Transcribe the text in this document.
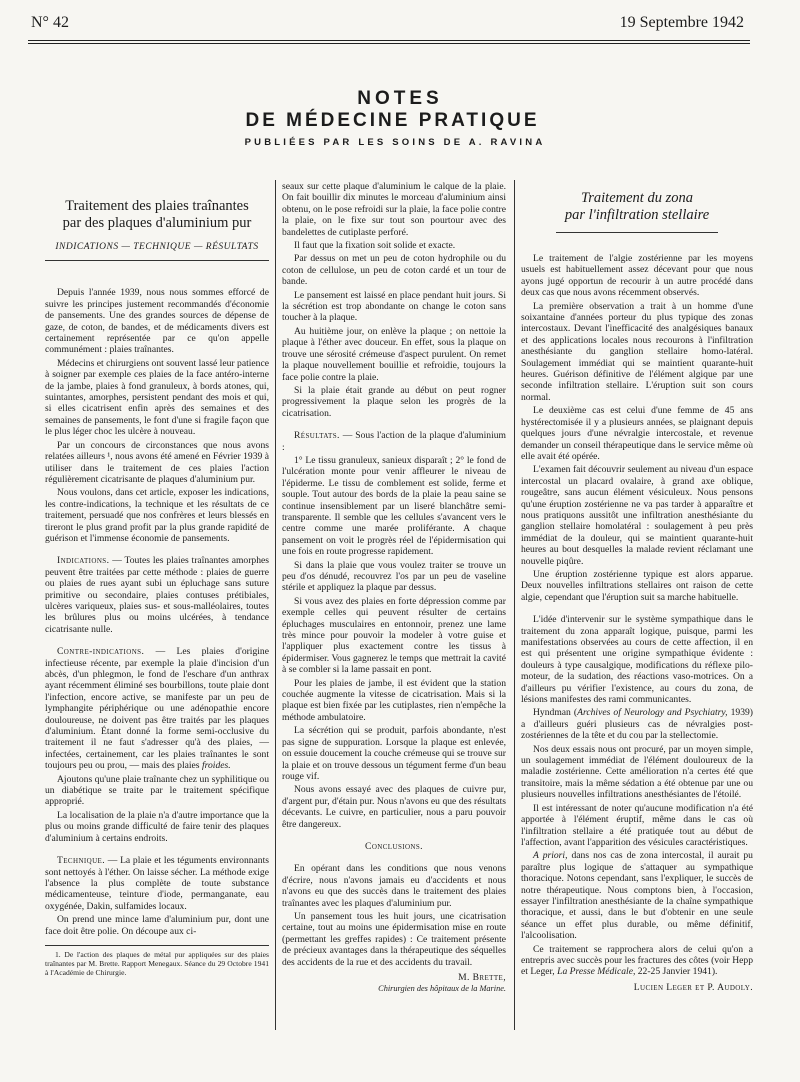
N° 42	19 Septembre 1942
NOTES
DE MÉDECINE PRATIQUE
PUBLIÉES PAR LES SOINS DE A. RAVINA
Traitement des plaies traînantes
par des plaques d'aluminium pur
INDICATIONS — TECHNIQUE — RÉSULTATS

Depuis l'année 1939, nous nous sommes efforcé de suivre les principes justement recommandés d'économie de pansements. Une des grandes sources de dépense de gaze, de coton, de bandes, et de médicaments divers est certainement représentée par ce qu'on appelle communément : plaies traînantes.

Médecins et chirurgiens ont souvent lassé leur patience à soigner par exemple ces plaies de la face antéro-interne de la jambe, plaies à fond granuleux, à bords atones, qui, suintantes, amorphes, persistent pendant des mois et qui, si elles cicatrisent enfin après des semaines et des semaines de pansements, le font d'une si fragile façon que le plus léger choc les ulcère à nouveau.

Par un concours de circonstances que nous avons relatées ailleurs ¹, nous avons été amené en Février 1939 à utiliser dans le traitement de ces plaies l'action régulièrement cicatrisante de plaques d'aluminium pur.

Nous voulons, dans cet article, exposer les indications, les contre-indications, la technique et les résultats de ce traitement, persuadé que nos confrères et leurs blessés en tireront le plus grand profit par la plus grande rapidité de guérison et l'immense économie de pansements.

Indications. — Toutes les plaies traînantes amorphes peuvent être traitées par cette méthode : plaies de guerre ou plaies de rues ayant subi un épluchage sans suture primitive ou secondaire, plaies contuses prétibiales, ulcères variqueux, plaies sus- et sous-malléolaires, toutes les brûlures plus ou moins ulcérées, à tendance cicatrisante nulle.

Contre-indications. — Les plaies d'origine infectieuse récente, par exemple la plaie d'incision d'un abcès, d'un phlegmon, le fond de l'eschare d'un anthrax ayant récemment éliminé ses bourbillons, toute plaie dont l'infection, encore active, se manifeste par un peu de lymphangite périphérique ou une adénopathie encore douloureuse, ne doivent pas être traités par les plaques d'aluminium. Étant donné la forme semi-occlusive du traitement il ne faut s'adresser qu'à des plaies, — infectées, certainement, car les plaies traînantes le sont toujours peu ou prou, — mais des plaies froides.

Ajoutons qu'une plaie traînante chez un syphilitique ou un diabétique se traite par le traitement spécifique approprié.

La localisation de la plaie n'a d'autre importance que la plus ou moins grande difficulté de faire tenir des plaques d'aluminium à certains endroits.

Technique. — La plaie et les téguments environnants sont nettoyés à l'éther. On laisse sécher. La méthode exige l'absence la plus complète de toute substance médicamenteuse, teinture d'iode, permanganate, eau oxygénée, Dakin, sulfamides locaux.

On prend une mince lame d'aluminium pur, dont une face doit être polie. On découpe aux ci-

1. De l'action des plaques de métal pur appliquées sur des plaies traînantes par M. Brette. Rapport Menegaux. Séance du 29 Octobre 1941 à l'Académie de Chirurgie.

seaux sur cette plaque d'aluminium le calque de la plaie. On fait bouillir dix minutes le morceau d'aluminium ainsi obtenu, on le pose refroidi sur la plaie, la face polie contre la plaie, on le fixe sur tout son pourtour avec des bandelettes de cutiplaste perforé.

Il faut que la fixation soit solide et exacte.

Par dessus on met un peu de coton hydrophile ou du coton de cellulose, un peu de coton cardé et un tour de bande.

Le pansement est laissé en place pendant huit jours. Si la sécrétion est trop abondante on change le coton sans toucher à la plaque.

Au huitième jour, on enlève la plaque ; on nettoie la plaque à l'éther avec douceur. En effet, sous la plaque on trouve une sérosité crémeuse d'aspect purulent. On remet la plaque nouvellement bouillie et refroidie, toujours la face polie contre la plaie.

Si la plaie était grande au début on peut rogner progressivement la plaque selon les progrès de la cicatrisation.

Résultats. — Sous l'action de la plaque d'aluminium :

1° Le tissu granuleux, sanieux disparaît ; 2° le fond de l'ulcération monte pour venir affleurer le niveau de l'épiderme. Le tissu de comblement est solide, ferme et souple. Tout autour des bords de la plaie la peau saine se continue insensiblement par un liseré blanchâtre semi-transparente. Il semble que les cellules s'avancent vers le centre comme une marée proliférante. A chaque pansement on voit le progrès réel de l'épidermisation qui une fois en route progresse rapidement.

Si dans la plaie que vous voulez traiter se trouve un peu d'os dénudé, recouvrez l'os par un peu de vaseline stérile et appliquez la plaque par dessus.

Si vous avez des plaies en forte dépression comme par exemple celles qui peuvent résulter de certains épluchages musculaires en entonnoir, prenez une lame très mince pour pouvoir la modeler à votre guise et l'appliquer plus exactement contre les tissus à épidermiser. Vous gagnerez le temps que mettrait la cavité à se combler si la lame passait en pont.

Pour les plaies de jambe, il est évident que la station couchée augmente la vitesse de cicatrisation. Mais si la plaque est bien fixée par les cutiplastes, rien n'empêche la méthode ambulatoire.

La sécrétion qui se produit, parfois abondante, n'est pas signe de suppuration. Lorsque la plaque est enlevée, on essuie doucement la couche crémeuse qui se trouve sur la plaie et on trouve dessous un tégument ferme d'un beau rouge vif.

Nous avons essayé avec des plaques de cuivre pur, d'argent pur, d'étain pur. Nous n'avons eu que des résultats décevants. Le cuivre, en particulier, nous a paru pouvoir être dangereux.

Conclusions.

En opérant dans les conditions que nous venons d'écrire, nous n'avons jamais eu d'accidents et nous n'avons eu que des succès dans le traitement des plaies traînantes avec les plaques d'aluminium pur.

Un pansement tous les huit jours, une cicatrisation certaine, tout au moins une épidermisation mise en route (permettant les greffes rapides) : Ce traitement présente de précieux avantages dans la thérapeutique des séquelles des accidents de la rue et des accidents du travail.

M. Brette,
Chirurgien des hôpitaux de la Marine.
Traitement du zona
par l'infiltration stellaire

Le traitement de l'algie zostérienne par les moyens usuels est habituellement assez décevant pour que nous ayons jugé opportun de recourir à un autre procédé dans deux cas que nous avons récemment observés.

La première observation a trait à un homme d'une soixantaine d'années porteur du plus typique des zonas intercostaux. Devant l'inefficacité des analgésiques banaux et des applications locales nous recourons à l'infiltration anesthésiante du ganglion stellaire homo-latéral. Soulagement immédiat qui se maintient quarante-huit heures. Guérison définitive de l'élément algique par une seconde infiltration stellaire. L'éruption suit son cours normal.

Le deuxième cas est celui d'une femme de 45 ans hystérectomisée il y a plusieurs années, se plaignant depuis quelques jours d'une névralgie intercostale, et revenue demander un conseil thérapeutique dans le service même où elle avait été opérée.

L'examen fait découvrir seulement au niveau d'un espace intercostal un placard ovalaire, à grand axe oblique, rougeâtre, sans aucun élément vésiculeux. Nous pensons qu'une éruption zostérienne ne va pas tarder à apparaître et nous pratiquons aussitôt une infiltration anesthésiante du ganglion stellaire homolatéral : soulagement à peu près immédiat de la douleur, qui se maintient quarante-huit heures au bout desquelles la malade revient réclamant une nouvelle piqûre.

Une éruption zostérienne typique est alors apparue. Deux nouvelles infiltrations stellaires ont raison de cette algie, cependant que l'éruption suit sa marche habituelle.

L'idée d'intervenir sur le système sympathique dans le traitement du zona apparaît logique, puisque, parmi les manifestations observées au cours de cette affection, il en est qui présentent une origine sympathique évidente : douleurs à type causalgique, modifications du réflexe pilo-moteur, de la sudation, des réactions vaso-motrices. On a d'ailleurs pu vérifier l'existence, au cours du zona, de lésions manifestes des rami communicantes.

Hyndman (Archives of Neurology and Psychiatry, 1939) a d'ailleurs guéri plusieurs cas de névralgies post-zostériennes de la tête et du cou par la stellectomie.

Nos deux essais nous ont procuré, par un moyen simple, un soulagement immédiat de l'élément douloureux de la maladie zostérienne. Cette amélioration n'a certes été que transitoire, mais la même sédation a été obtenue par une ou plusieurs nouvelles infiltrations anesthésiantes de l'étoilé.

Il est intéressant de noter qu'aucune modification n'a été apportée à l'élément éruptif, même dans le cas où l'infiltration stellaire a été pratiquée tout au début de l'affection, avant l'apparition des vésicules caractéristiques.

A priori, dans nos cas de zona intercostal, il aurait pu paraître plus logique de s'attaquer au sympathique thoracique. Notons cependant, sans l'expliquer, le succès de notre thérapeutique. Nous comptons bien, à l'occasion, essayer l'infiltration anesthésiante de la chaîne sympathique thoracique, et aussi, dans le but d'obtenir en une seule séance un effet plus durable, ou même définitif, l'alcoolisation.

Ce traitement se rapprochera alors de celui qu'on a entrepris avec succès pour les fractures des côtes (voir Hepp et Leger, La Presse Médicale, 22-25 Janvier 1941).

Lucien Leger et P. Audoly.
